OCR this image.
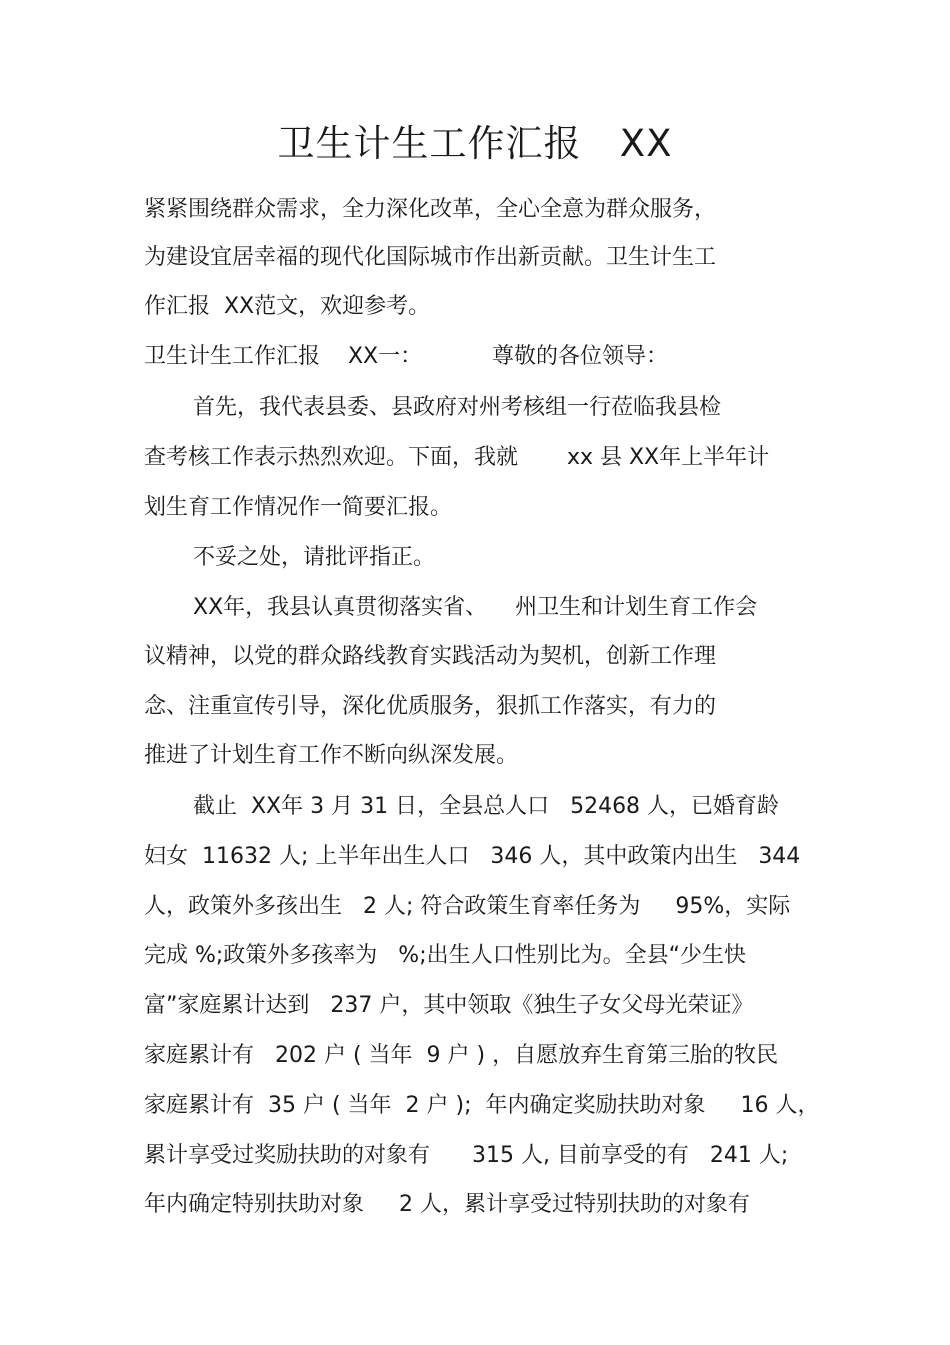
卫生计生工作汇报   XX
紧紧围绕群众需求，全力深化改革，全心全意为群众服务，
为建设宜居幸福的现代化国际城市作出新贡献。卫生计生工
作汇报  XX范文，欢迎参考。
卫生计生工作汇报    XX一：          尊敬的各位领导：
首先，我代表县委、县政府对州考核组一行莅临我县检
查考核工作表示热烈欢迎。下面，我就       xx 县 XX年上半年计
划生育工作情况作一简要汇报。
不妥之处，请批评指正。
XX年，我县认真贯彻落实省、    州卫生和计划生育工作会
议精神，以党的群众路线教育实践活动为契机，创新工作理
念、注重宣传引导，深化优质服务，狠抓工作落实，有力的
推进了计划生育工作不断向纵深发展。
截止  XX年 3 月 31 日，全县总人口   52468 人，已婚育龄
妇女  11632 人; 上半年出生人口   346 人，其中政策内出生   344
人，政策外多孩出生   2 人; 符合政策生育率任务为     95%，实际
完成 %;政策外多孩率为   %;出生人口性别比为。全县“少生快
富”家庭累计达到   237 户，其中领取《独生子女父母光荣证》
家庭累计有   202 户 ( 当年  9 户 ) ，自愿放弃生育第三胎的牧民
家庭累计有  35 户 ( 当年  2 户 );  年内确定奖励扶助对象     16 人，
累计享受过奖励扶助的对象有      315 人, 目前享受的有   241 人;
年内确定特别扶助对象     2 人，累计享受过特别扶助的对象有
